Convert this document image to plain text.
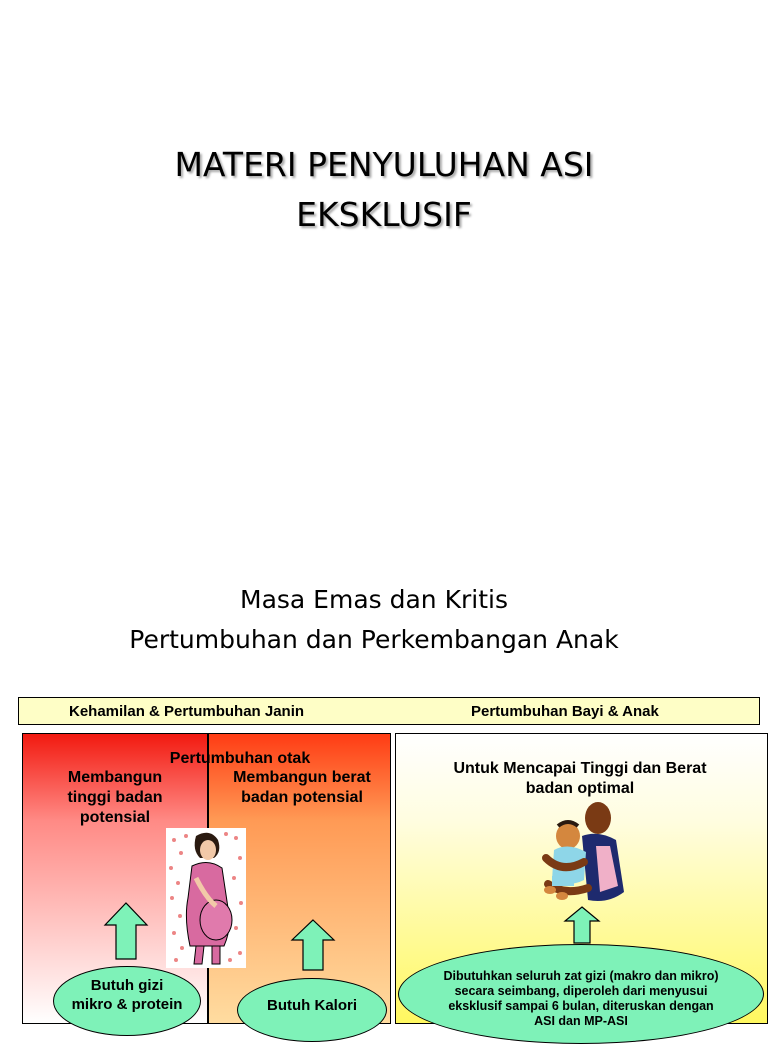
MATERI PENYULUHAN ASI
EKSKLUSIF
Masa Emas dan Kritis
Pertumbuhan dan Perkembangan Anak
Kehamilan & Pertumbuhan Janin	Pertumbuhan Bayi & Anak
Pertumbuhan otak
Membangun
tinggi badan
potensial
Membangun berat
badan potensial
Untuk Mencapai Tinggi dan Berat
badan optimal
Butuh gizi
mikro & protein	Butuh Kalori
Dibutuhkan seluruh zat gizi (makro dan mikro)
secara seimbang, diperoleh dari menyusui
eksklusif sampai 6 bulan, diteruskan dengan
ASI dan MP-ASI
